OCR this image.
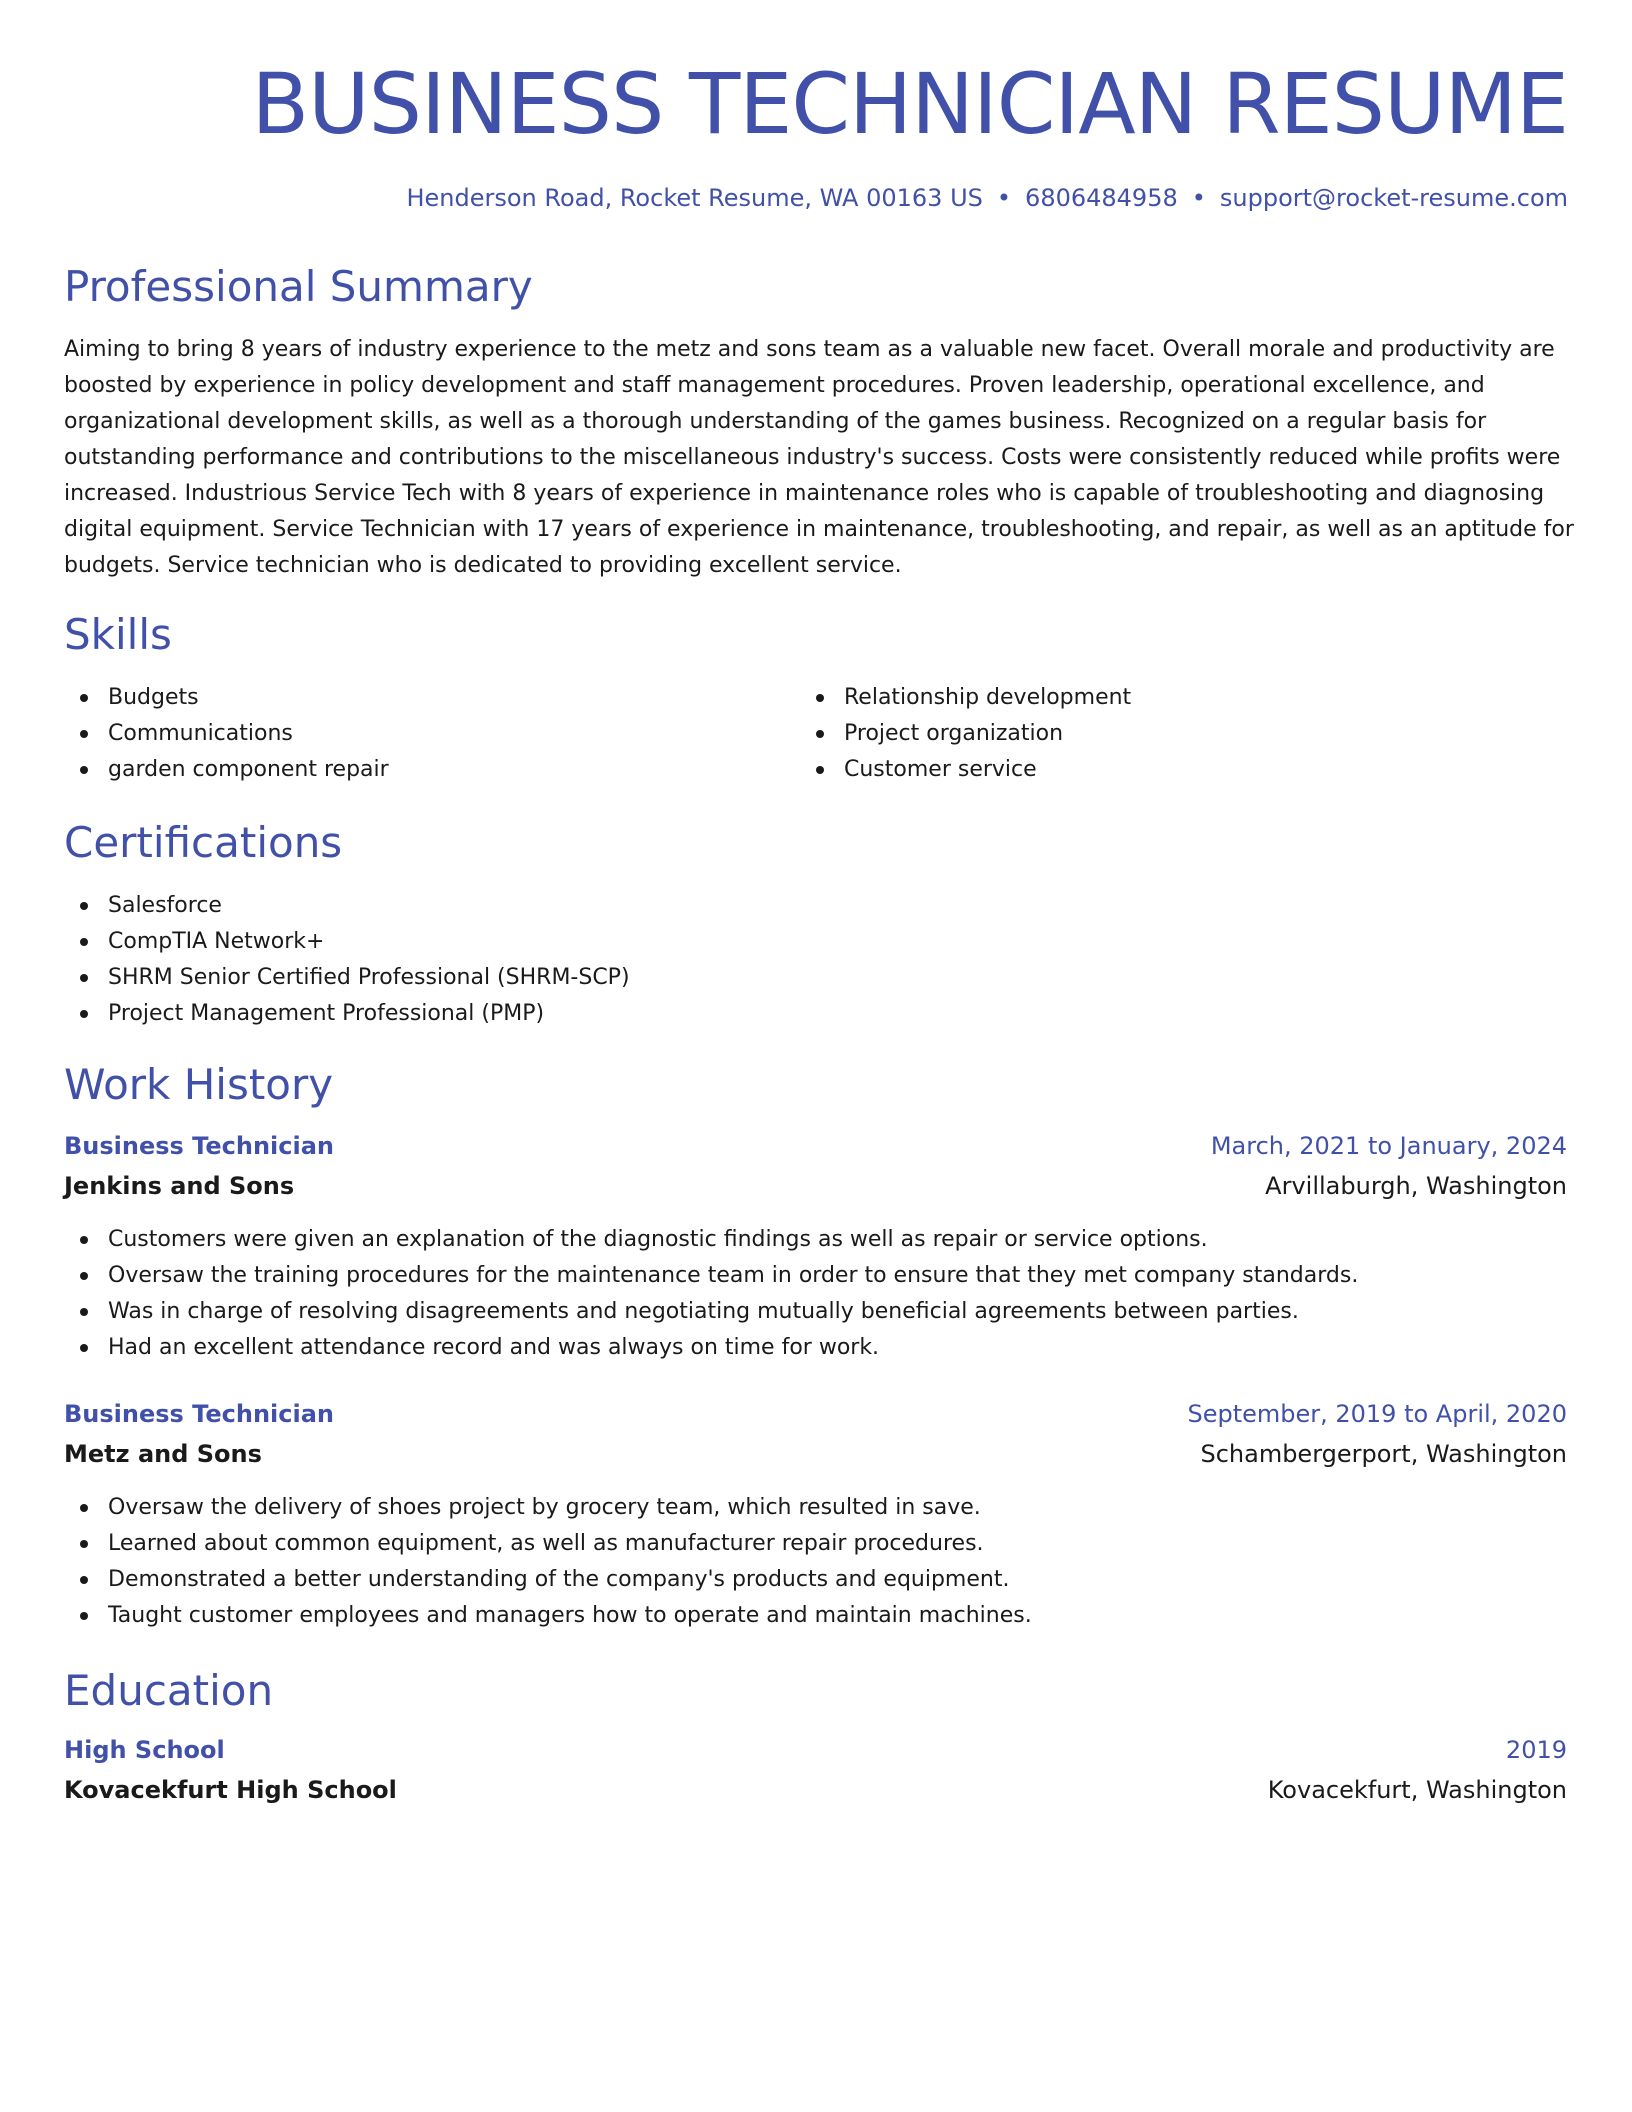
BUSINESS TECHNICIAN RESUME
Henderson Road, Rocket Resume, WA 00163 US • 6806484958 • support@rocket-resume.com
Professional Summary

Aiming to bring 8 years of industry experience to the metz and sons team as a valuable new facet. Overall morale and productivity are boosted by experience in policy development and staff management procedures. Proven leadership, operational excellence, and organizational development skills, as well as a thorough understanding of the games business. Recognized on a regular basis for outstanding performance and contributions to the miscellaneous industry's success. Costs were consistently reduced while profits were increased. Industrious Service Tech with 8 years of experience in maintenance roles who is capable of troubleshooting and diagnosing digital equipment. Service Technician with 17 years of experience in maintenance, troubleshooting, and repair, as well as an aptitude for budgets. Service technician who is dedicated to providing excellent service.

Skills
Budgets
Communications
garden component repair
Relationship development
Project organization
Customer service
Certifications
Salesforce
CompTIA Network+
SHRM Senior Certified Professional (SHRM-SCP)
Project Management Professional (PMP)
Work History
Business Technician	March, 2021 to January, 2024
Jenkins and Sons	Arvillaburgh, Washington
Customers were given an explanation of the diagnostic findings as well as repair or service options.
Oversaw the training procedures for the maintenance team in order to ensure that they met company standards.
Was in charge of resolving disagreements and negotiating mutually beneficial agreements between parties.
Had an excellent attendance record and was always on time for work.
Business Technician	September, 2019 to April, 2020
Metz and Sons	Schambergerport, Washington
Oversaw the delivery of shoes project by grocery team, which resulted in save.
Learned about common equipment, as well as manufacturer repair procedures.
Demonstrated a better understanding of the company's products and equipment.
Taught customer employees and managers how to operate and maintain machines.
Education
High School	2019
Kovacekfurt High School	Kovacekfurt, Washington
